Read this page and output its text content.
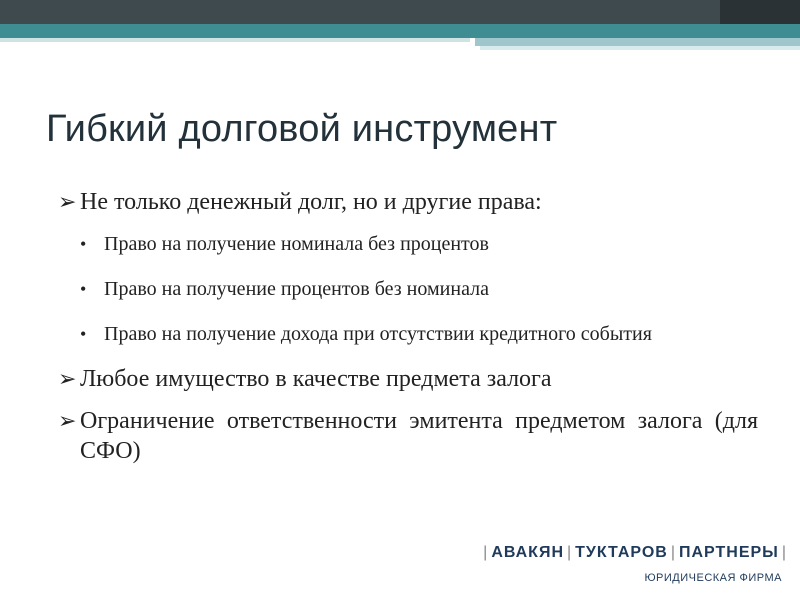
Гибкий долговой инструмент
➢ Не только денежный долг, но и другие права:
• Право на получение номинала без процентов
• Право на получение процентов без номинала
• Право на получение дохода при отсутствии кредитного события
➢ Любое имущество в качестве предмета залога
➢ Ограничение ответственности эмитента предметом залога (для СФО)
| АВАКЯН | ТУКТАРОВ | ПАРТНЕРЫ |
ЮРИДИЧЕСКАЯ ФИРМА
